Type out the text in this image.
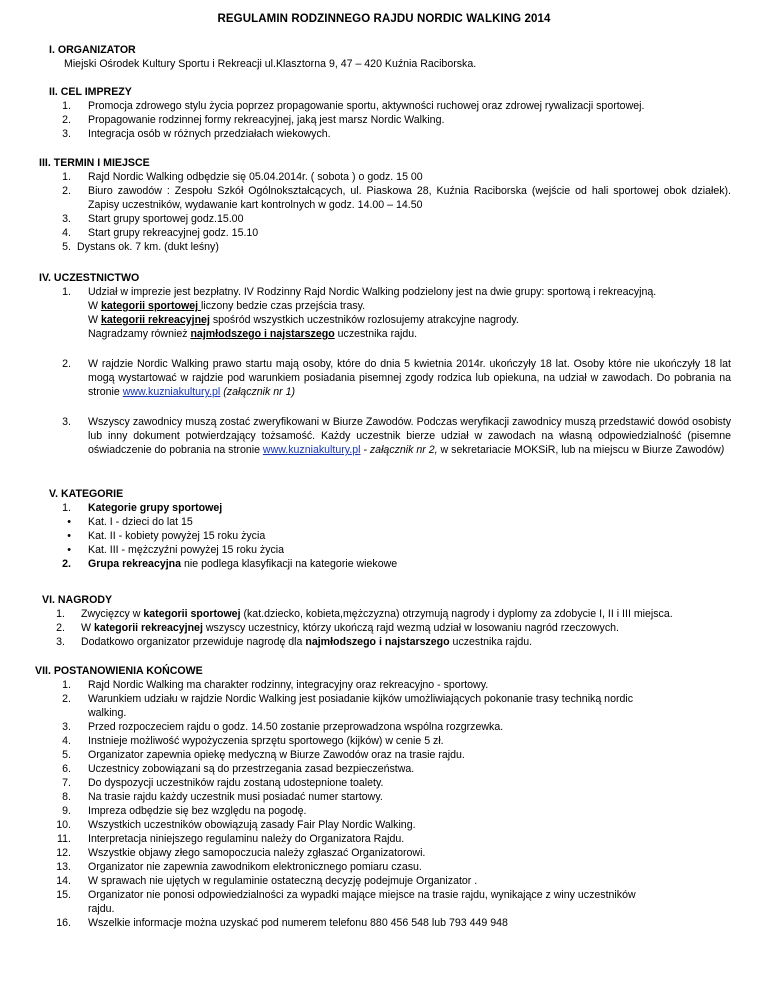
REGULAMIN RODZINNEGO RAJDU NORDIC WALKING 2014
I. ORGANIZATOR
Miejski Ośrodek Kultury Sportu i Rekreacji ul.Klasztorna 9, 47 – 420 Kuźnia Raciborska.
II. CEL IMPREZY
1. Promocja zdrowego stylu życia poprzez propagowanie sportu, aktywności ruchowej oraz zdrowej rywalizacji sportowej.
2. Propagowanie rodzinnej formy rekreacyjnej, jaką jest marsz Nordic Walking.
3. Integracja osób w różnych przedziałach wiekowych.
III. TERMIN I MIEJSCE
1. Rajd Nordic Walking odbędzie się 05.04.2014r. ( sobota ) o godz. 15 00
2. Biuro zawodów : Zespołu Szkół Ogólnokształcących, ul. Piaskowa 28, Kuźnia Raciborska (wejście od hali sportowej obok działek). Zapisy uczestników, wydawanie kart kontrolnych w godz. 14.00 – 14.50
3. Start grupy sportowej godz.15.00
4. Start grupy rekreacyjnej godz. 15.10
5. Dystans ok. 7 km. (dukt leśny)
IV. UCZESTNICTWO
1. Udział w imprezie jest bezpłatny. IV Rodzinny Rajd Nordic Walking podzielony jest na dwie grupy: sportową i rekreacyjną.
W kategorii sportowej liczony bedzie czas przejścia trasy.
W kategorii rekreacyjnej spośród wszystkich uczestników rozlosujemy atrakcyjne nagrody.
Nagradzamy również najmłodszego i najstarszego uczestnika rajdu.
2. W rajdzie Nordic Walking prawo startu mają osoby, które do dnia 5 kwietnia 2014r. ukończyły 18 lat. Osoby które nie ukończyły 18 lat mogą wystartować w rajdzie pod warunkiem posiadania pisemnej zgody rodzica lub opiekuna, na udział w zawodach. Do pobrania na stronie www.kuzniakultury.pl (załącznik nr 1)
3. Wszyscy zawodnicy muszą zostać zweryfikowani w Biurze Zawodów. Podczas weryfikacji zawodnicy muszą przedstawić dowód osobisty lub inny dokument potwierdzający tożsamość. Każdy uczestnik bierze udział w zawodach na własną odpowiedzialność (pisemne oświadczenie do pobrania na stronie www.kuzniakultury.pl - załącznik nr 2, w sekretariacie MOKSiR, lub na miejscu w Biurze Zawodów)
V. KATEGORIE
1. Kategorie grupy sportowej
• Kat. I - dzieci do lat 15
• Kat. II - kobiety powyżej 15 roku życia
• Kat. III - mężczyźni powyżej 15 roku życia
2. Grupa rekreacyjna nie podlega klasyfikacji na kategorie wiekowe
VI. NAGRODY
1. Zwycięzcy w kategorii sportowej (kat.dziecko, kobieta,mężczyzna) otrzymują nagrody i dyplomy za zdobycie I, II i III miejsca.
2. W kategorii rekreacyjnej wszyscy uczestnicy, którzy ukończą rajd wezmą udział w losowaniu nagród rzeczowych.
3. Dodatkowo organizator przewiduje nagrodę dla najmłodszego i najstarszego uczestnika rajdu.
VII. POSTANOWIENIA KOŃCOWE
1. Rajd Nordic Walking ma charakter rodzinny, integracyjny oraz rekreacyjno - sportowy.
2. Warunkiem udziału w rajdzie Nordic Walking jest posiadanie kijków umożliwiających pokonanie trasy techniką nordic walking.
3. Przed rozpoczeciem rajdu o godz. 14.50 zostanie przeprowadzona wspólna rozgrzewka.
4. Instnieje możliwość wypożyczenia sprzętu sportowego (kijków) w cenie 5 zł.
5. Organizator zapewnia opiekę medyczną w Biurze Zawodów oraz na trasie rajdu.
6. Uczestnicy zobowiązani są do przestrzegania zasad bezpieczeństwa.
7. Do dyspozycji uczestników rajdu zostaną udostepnione toalety.
8. Na trasie rajdu każdy uczestnik musi posiadać numer startowy.
9. Impreza odbędzie się bez względu na pogodę.
10. Wszystkich uczestników obowiązują zasady Fair Play Nordic Walking.
11. Interpretacja niniejszego regulaminu należy do Organizatora Rajdu.
12. Wszystkie objawy złego samopoczucia należy zgłaszać Organizatorowi.
13. Organizator nie zapewnia zawodnikom elektronicznego pomiaru czasu.
14. W sprawach nie ujętych w regulaminie ostateczną decyzję podejmuje Organizator .
15. Organizator nie ponosi odpowiedzialności za wypadki mające miejsce na trasie rajdu, wynikające z winy uczestników rajdu.
16. Wszelkie informacje można uzyskać pod numerem telefonu 880 456 548 lub 793 449 948
